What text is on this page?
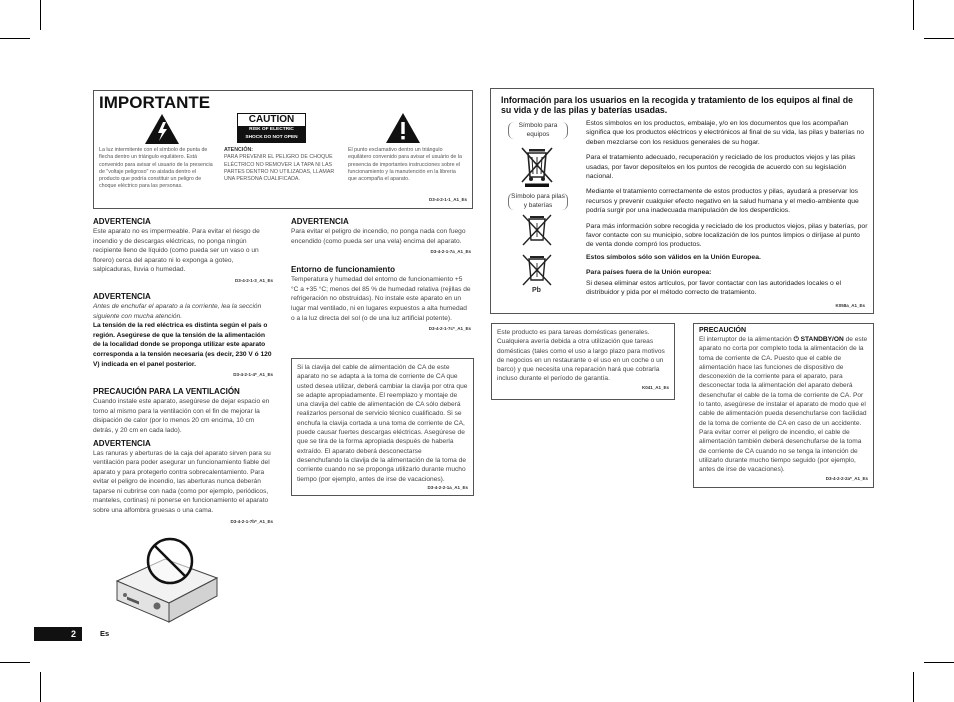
IMPORTANTE
CAUTION
RISK OF ELECTRIC SHOCK DO NOT OPEN
La luz intermitente con el símbolo de punta de flecha dentro un triángulo equilátero. Está convenido para avisar el usuario de la presencia de "voltaje peligroso" no aislada dentro el producto que podría constituir un peligro de choque eléctrico para las personas.
ATENCIÓN:
PARA PREVENIR EL PELIGRO DE CHOQUE ELÉCTRICO NO REMOVER LA TAPA NI LAS PARTES DENTRO NO UTILIZADAS, LLAMAR UNA PERSONA CUALIFICADA.
El punto exclamativo dentro un triángulo equilátero convenido para avisar el usuário de la presencia de importantes instrucciones sobre el funcionamiento y la manutención en la libreria que acompaña el aparato.
D3-4-2-1-1_A1_Es
ADVERTENCIA
Este aparato no es impermeable. Para evitar el riesgo de incendio y de descargas eléctricas, no ponga ningún recipiente lleno de líquido (como pueda ser un vaso o un florero) cerca del aparato ni lo exponga a goteo, salpicaduras, lluvia o humedad.
D3-4-2-1-3_A1_Es
ADVERTENCIA
Antes de enchufar el aparato a la corriente, lea la sección siguiente con mucha atención.
La tensión de la red eléctrica es distinta según el país o región. Asegúrese de que la tensión de la alimentación de la localidad donde se proponga utilizar este aparato corresponda a la tensión necesaria (es decir, 230 V ó 120 V) indicada en el panel posterior.
D3-4-2-1-4*_A1_Es
PRECAUCIÓN PARA LA VENTILACIÓN
Cuando instale este aparato, asegúrese de dejar espacio en torno al mismo para la ventilación con el fin de mejorar la disipación de calor (por lo menos 20 cm encima, 10 cm detrás, y 20 cm en cada lado).
ADVERTENCIA
Las ranuras y aberturas de la caja del aparato sirven para su ventilación para poder asegurar un funcionamiento fiable del aparato y para protegerlo contra sobrecalentamiento. Para evitar el peligro de incendio, las aberturas nunca deberán taparse ni cubrirse con nada (como por ejemplo, periódicos, manteles, cortinas) ni ponerse en funcionamiento el aparato sobre una alfombra gruesas o una cama.
D3-4-2-1-7b*_A1_Es
ADVERTENCIA
Para evitar el peligro de incendio, no ponga nada con fuego encendido (como pueda ser una vela) encima del aparato.
D3-4-2-1-7a_A1_Es
Entorno de funcionamiento
Temperatura y humedad del entorno de funcionamiento +5 °C a +35 °C; menos del 85 % de humedad relativa (rejillas de refrigeración no obstruidas). No instale este aparato en un lugar mal ventilado, ni en lugares expuestos a alta humedad o a la luz directa del sol (o de una luz artificial potente).
D3-4-2-1-7c*_A1_Es
Si la clavija del cable de alimentación de CA de este aparato no se adapta a la toma de corriente de CA que usted desea utilizar, deberá cambiar la clavija por otra que se adapte apropiadamente. El reemplazo y montaje de una clavija del cable de alimentación de CA sólo deberá realizarlos personal de servicio técnico cualificado. Si se enchufa la clavija cortada a una toma de corriente de CA, puede causar fuertes descargas eléctricas. Asegúrese de que se tira de la forma apropiada después de haberla extraído. El aparato deberá desconectarse desenchufando la clavija de la alimentación de la toma de corriente cuando no se proponga utilizarlo durante mucho tiempo (por ejemplo, antes de irse de vacaciones).
D3-4-2-2-1a_A1_Es
Información para los usuarios en la recogida y tratamiento de los equipos al final de su vida y de las pilas y baterías usadas.
Símbolo para equipos
Símbolo para pilas y baterías
Pb
Estos símbolos en los productos, embalaje, y/o en los documentos que los acompañan significa que los productos eléctricos y electrónicos al final de su vida, las pilas y baterías no deben mezclarse con los residuos generales de su hogar.
Para el tratamiento adecuado, recuperación y reciclado de los productos viejos y las pilas usadas, por favor deposítelos en los puntos de recogida de acuerdo con su legislación nacional.
Mediante el tratamiento correctamente de estos productos y pilas, ayudará a preservar los recursos y prevenir cualquier efecto negativo en la salud humana y el medio-ambiente que podría surgir por una inadecuada manipulación de los desperdicios.
Para más información sobre recogida y reciclado de los productos viejos, pilas y baterías, por favor contacte con su municipio, sobre localización de los puntos limpios o diríjase al punto de venta donde compró los productos.
Estos símbolos sólo son válidos en la Unión Europea.
Para países fuera de la Unión europea:
Si desea eliminar estos artículos, por favor contactar con las autoridades locales o el distribuidor y pida por el método correcto de tratamiento.
K058a_A1_Es
Este producto es para tareas domésticas generales. Cualquiera avería debida a otra utilización que tareas domésticas (tales como el uso a largo plazo para motivos de negocios en un restaurante o el uso en un coche o un barco) y que necesita una reparación hará que cobrarla incluso durante el período de garantía.
K041_A1_Es
PRECAUCIÓN
El interruptor de la alimentación ⏻ STANDBY/ON de este aparato no corta por completo toda la alimentación de la toma de corriente de CA. Puesto que el cable de alimentación hace las funciones de dispositivo de desconexión de la corriente para el aparato, para desconectar toda la alimentación del aparato deberá desenchufar el cable de la toma de corriente de CA. Por lo tanto, asegúrese de instalar el aparato de modo que el cable de alimentación pueda desenchufarse con facilidad de la toma de corriente de CA en caso de un accidente. Para evitar correr el peligro de incendio, el cable de alimentación también deberá desenchufarse de la toma de corriente de CA cuando no se tenga la intención de utilizarlo durante mucho tiempo seguido (por ejemplo, antes de irse de vacaciones).
D3-4-2-2-2a*_A1_Es
2	Es
